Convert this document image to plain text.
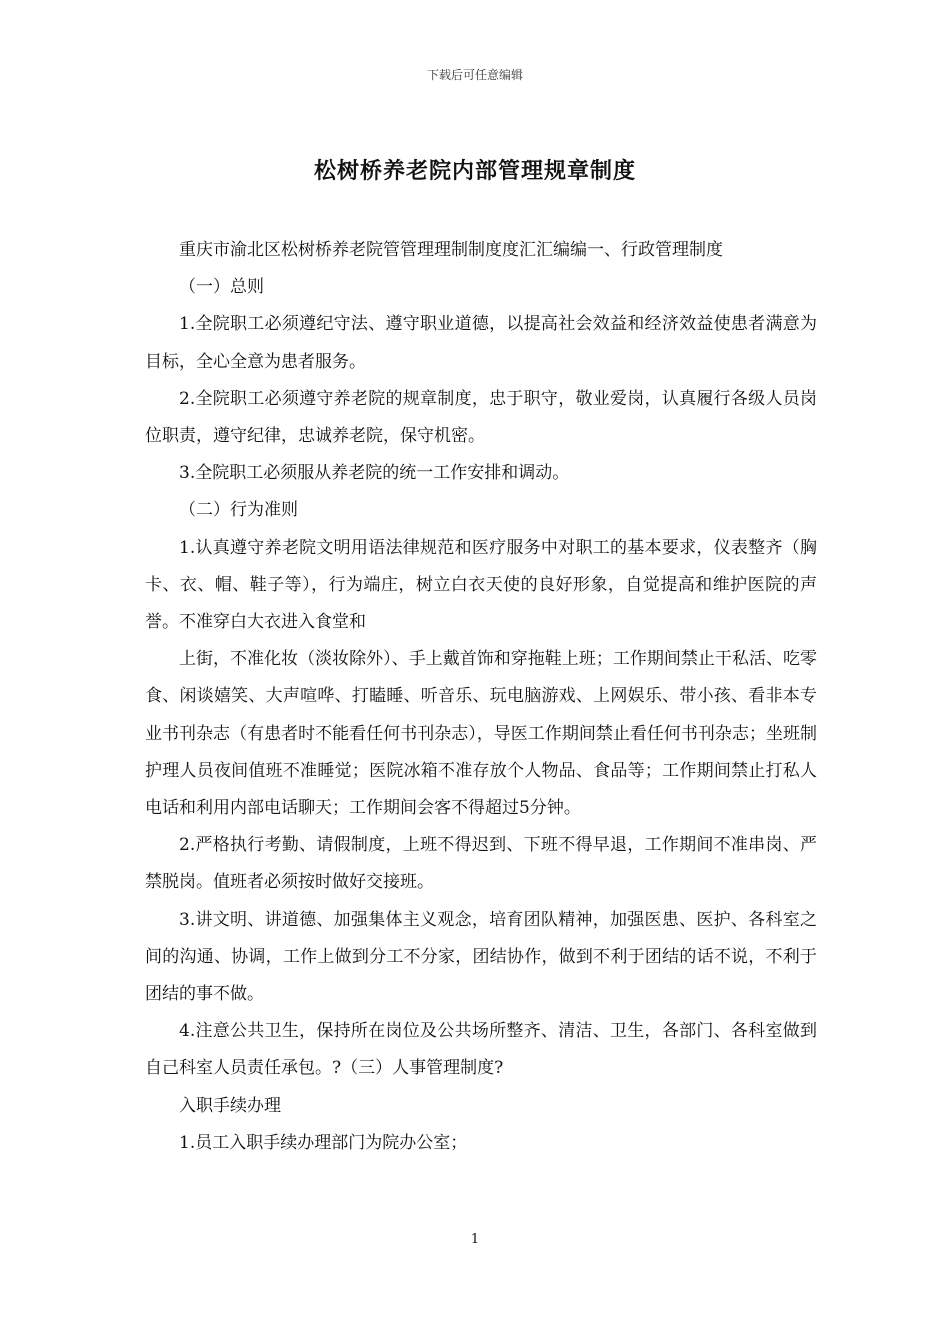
下载后可任意编辑
松树桥养老院内部管理规章制度

重庆市渝北区松树桥养老院管管理理制制度度汇汇编编一、行政管理制度

（一）总则

1.全院职工必须遵纪守法、遵守职业道德，以提高社会效益和经济效益使患者满意为目标，全心全意为患者服务。

2.全院职工必须遵守养老院的规章制度，忠于职守，敬业爱岗，认真履行各级人员岗位职责，遵守纪律，忠诚养老院，保守机密。

3.全院职工必须服从养老院的统一工作安排和调动。

（二）行为准则

1.认真遵守养老院文明用语法律规范和医疗服务中对职工的基本要求，仪表整齐（胸卡、衣、帽、鞋子等），行为端庄，树立白衣天使的良好形象，自觉提高和维护医院的声誉。不准穿白大衣进入食堂和

上街，不准化妆（淡妆除外）、手上戴首饰和穿拖鞋上班；工作期间禁止干私活、吃零食、闲谈嬉笑、大声喧哗、打瞌睡、听音乐、玩电脑游戏、上网娱乐、带小孩、看非本专业书刊杂志（有患者时不能看任何书刊杂志），导医工作期间禁止看任何书刊杂志；坐班制护理人员夜间值班不准睡觉；医院冰箱不准存放个人物品、食品等；工作期间禁止打私人电话和利用内部电话聊天；工作期间会客不得超过5分钟。

2.严格执行考勤、请假制度，上班不得迟到、下班不得早退，工作期间不准串岗、严禁脱岗。值班者必须按时做好交接班。

3.讲文明、讲道德、加强集体主义观念，培育团队精神，加强医患、医护、各科室之间的沟通、协调，工作上做到分工不分家，团结协作，做到不利于团结的话不说，不利于团结的事不做。

4.注意公共卫生，保持所在岗位及公共场所整齐、清洁、卫生，各部门、各科室做到自己科室人员责任承包。?（三）人事管理制度?

入职手续办理

1.员工入职手续办理部门为院办公室；

1
